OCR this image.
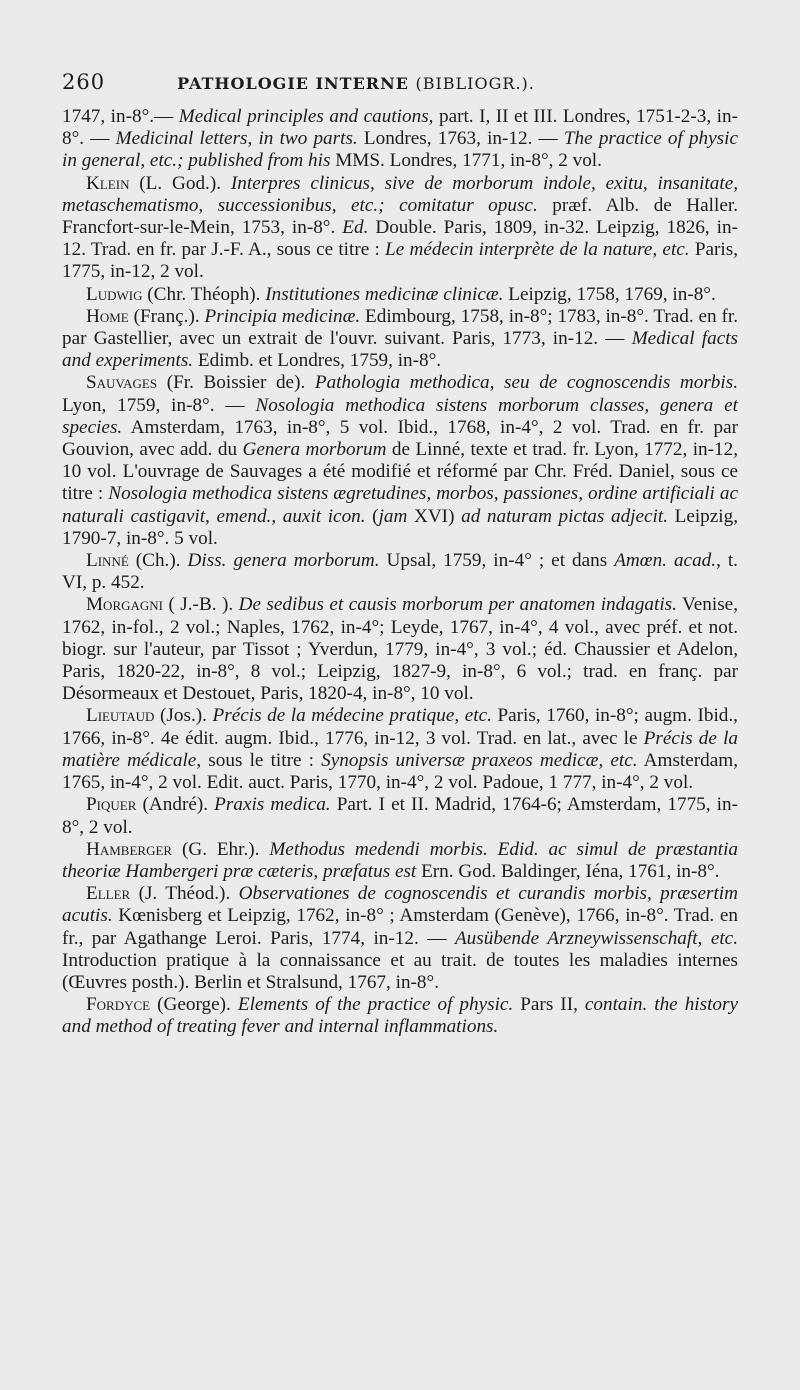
260	PATHOLOGIE INTERNE (BIBLIOGR.).

1747, in-8°.— Medical principles and cautions, part. I, II et III. Londres, 1751-2-3, in-8°. — Medicinal letters, in two parts. Londres, 1763, in-12. — The practice of physic in general, etc.; published from his MMS. Londres, 1771, in-8°, 2 vol.

Klein (L. God.). Interpres clinicus, sive de morborum indole, exitu, insanitate, metaschematismo, successionibus, etc.; comitatur opusc. præf. Alb. de Haller. Francfort-sur-le-Mein, 1753, in-8°. Ed. Double. Paris, 1809, in-32. Leipzig, 1826, in-12. Trad. en fr. par J.-F. A., sous ce titre : Le médecin interprète de la nature, etc. Paris, 1775, in-12, 2 vol.

Ludwig (Chr. Théoph). Institutiones medicinæ clinicæ. Leipzig, 1758, 1769, in-8°.

Home (Franç.). Principia medicinæ. Edimbourg, 1758, in-8°; 1783, in-8°. Trad. en fr. par Gastellier, avec un extrait de l'ouvr. suivant. Paris, 1773, in-12. — Medical facts and experiments. Edimb. et Londres, 1759, in-8°.

Sauvages (Fr. Boissier de). Pathologia methodica, seu de cognoscendis morbis. Lyon, 1759, in-8°. — Nosologia methodica sistens morborum classes, genera et species. Amsterdam, 1763, in-8°, 5 vol. Ibid., 1768, in-4°, 2 vol. Trad. en fr. par Gouvion, avec add. du Genera morborum de Linné, texte et trad. fr. Lyon, 1772, in-12, 10 vol. L'ouvrage de Sauvages a été modifié et réformé par Chr. Fréd. Daniel, sous ce titre : Nosologia methodica sistens ægretudines, morbos, passiones, ordine artificiali ac naturali castigavit, emend., auxit icon. (jam XVI) ad naturam pictas adjecit. Leipzig, 1790-7, in-8°. 5 vol.

Linné (Ch.). Diss. genera morborum. Upsal, 1759, in-4° ; et dans Amœn. acad., t. VI, p. 452.

Morgagni ( J.-B. ). De sedibus et causis morborum per anatomen indagatis. Venise, 1762, in-fol., 2 vol.; Naples, 1762, in-4°; Leyde, 1767, in-4°, 4 vol., avec préf. et not. biogr. sur l'auteur, par Tissot ; Yverdun, 1779, in-4°, 3 vol.; éd. Chaussier et Adelon, Paris, 1820-22, in-8°, 8 vol.; Leipzig, 1827-9, in-8°, 6 vol.; trad. en franç. par Désormeaux et Destouet, Paris, 1820-4, in-8°, 10 vol.

Lieutaud (Jos.). Précis de la médecine pratique, etc. Paris, 1760, in-8°; augm. Ibid., 1766, in-8°. 4e édit. augm. Ibid., 1776, in-12, 3 vol. Trad. en lat., avec le Précis de la matière médicale, sous le titre : Synopsis universæ praxeos medicæ, etc. Amsterdam, 1765, in-4°, 2 vol. Edit. auct. Paris, 1770, in-4°, 2 vol. Padoue, 1 777, in-4°, 2 vol.

Piquer (André). Praxis medica. Part. I et II. Madrid, 1764-6; Amsterdam, 1775, in-8°, 2 vol.

Hamberger (G. Ehr.). Methodus medendi morbis. Edid. ac simul de præstantia theoriæ Hambergeri præ cæteris, præfatus est Ern. God. Baldinger, Iéna, 1761, in-8°.

Eller (J. Théod.). Observationes de cognoscendis et curandis morbis, præsertim acutis. Kœnisberg et Leipzig, 1762, in-8° ; Amsterdam (Genève), 1766, in-8°. Trad. en fr., par Agathange Leroi. Paris, 1774, in-12. — Ausübende Arzneywissenschaft, etc. Introduction pratique à la connaissance et au trait. de toutes les maladies internes (Œuvres posth.). Berlin et Stralsund, 1767, in-8°.

Fordyce (George). Elements of the practice of physic. Pars II, contain. the history and method of treating fever and internal inflammations.
